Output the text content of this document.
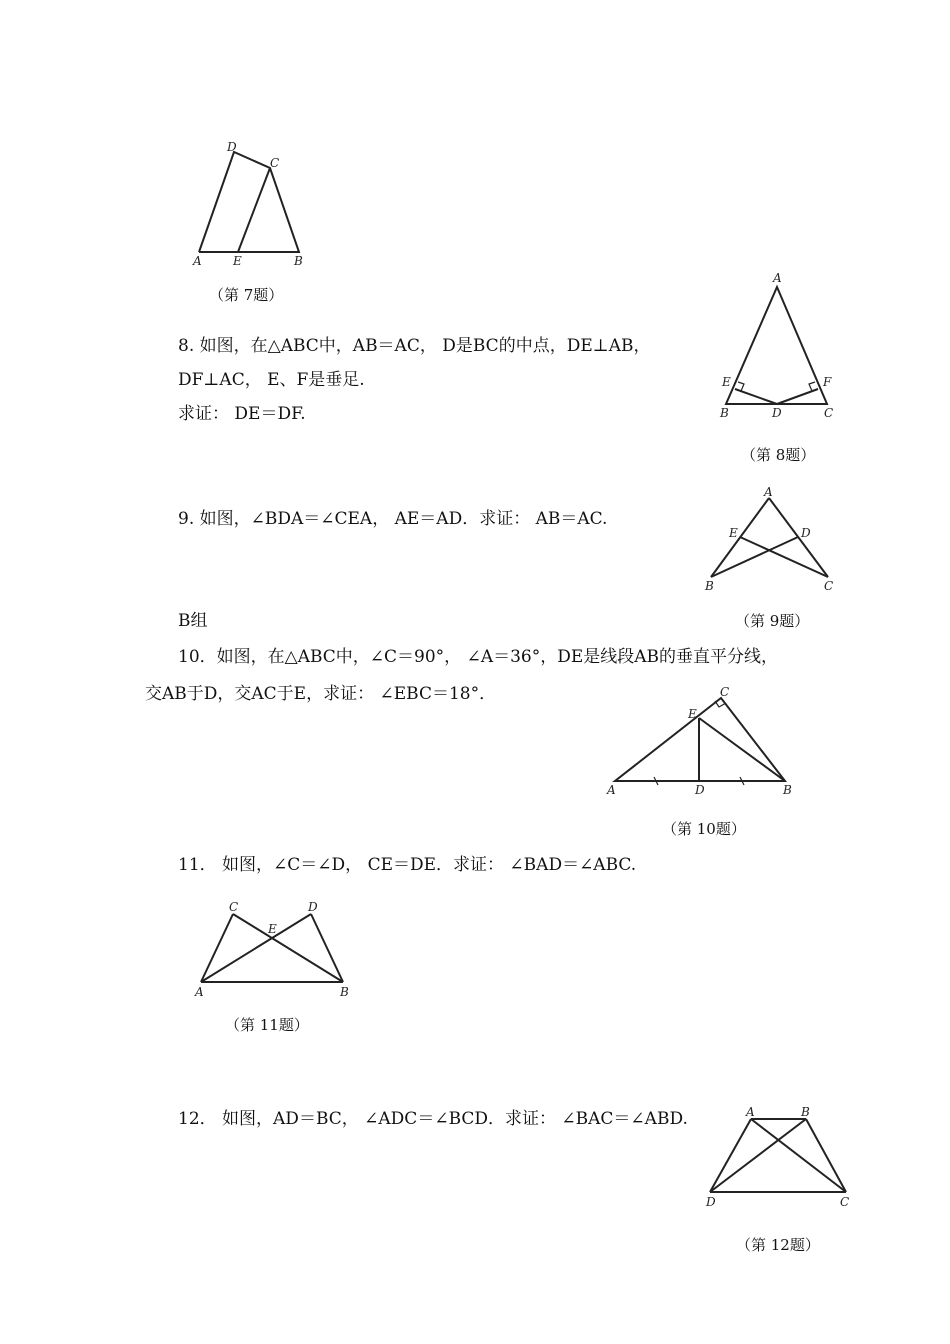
D
C
A	E	B
（第 7题）
8. 如图，在△ABC中，AB＝AC， D是BC的中点，DE⊥AB，
DF⊥AC， E、F是垂足.
求证： DE＝DF.
A
E	F
B	D	C
（第 8题）
9. 如图，∠BDA＝∠CEA， AE＝AD．求证： AB＝AC.
A
E	D
B	C
B组	（第 9题）
10．如图，在△ABC中，∠C＝90°， ∠A＝36°，DE是线段AB的垂直平分线，
交AB于D，交AC于E，求证： ∠EBC＝18°．	C
E
A	D	B
（第 10题）
11． 如图，∠C＝∠D， CE＝DE．求证： ∠BAD＝∠ABC.
C	D
E
A	B
（第 11题）
12． 如图，AD＝BC， ∠ADC＝∠BCD．求证： ∠BAC＝∠ABD.	A	B
D	C
（第 12题）
